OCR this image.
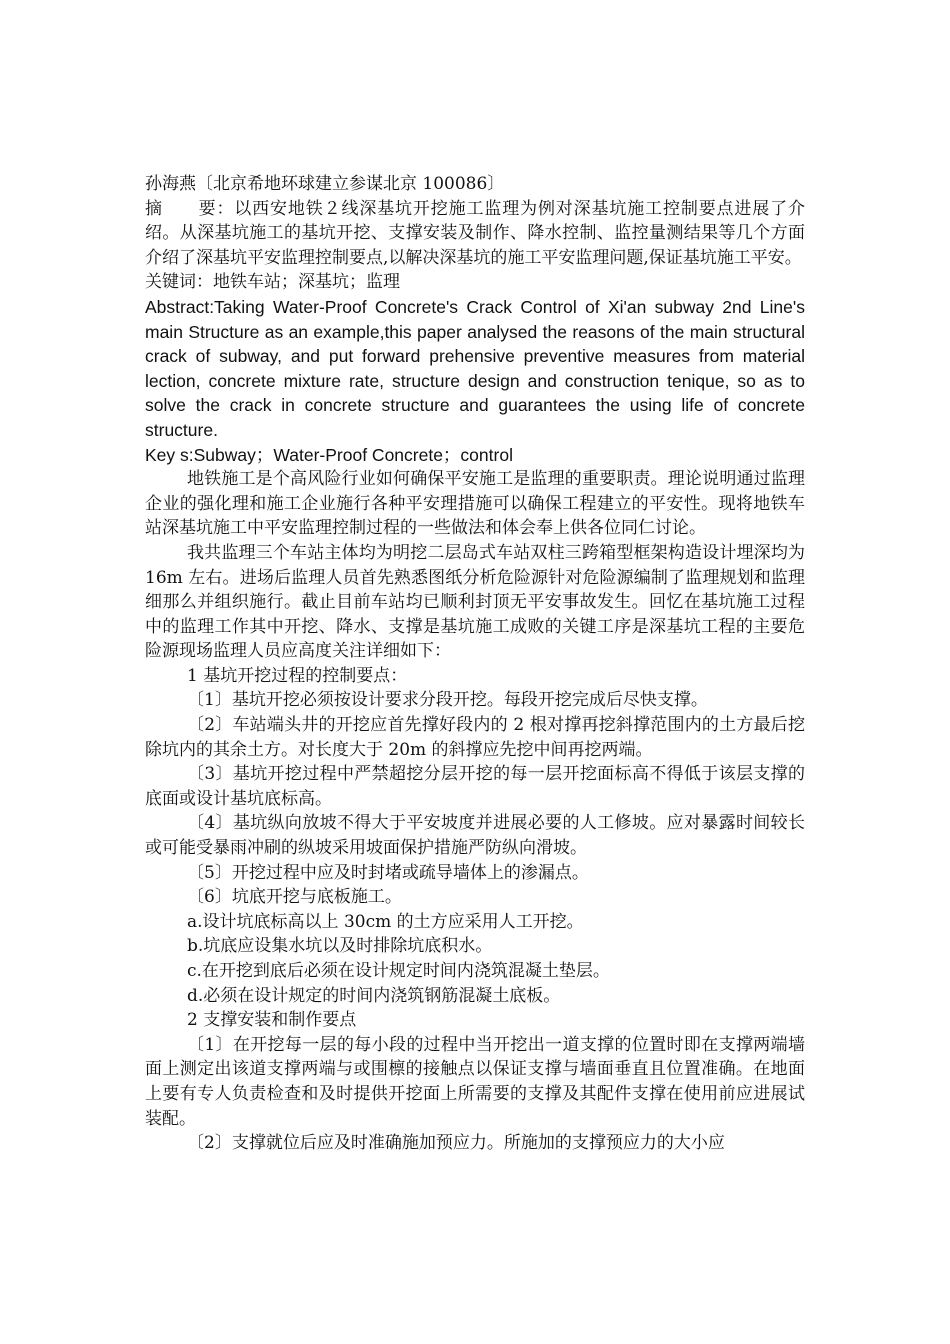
孙海燕〔北京希地环球建立参谋北京 100086〕

摘　　要：以西安地铁２线深基坑开挖施工监理为例对深基坑施工控制要点进展了介绍。从深基坑施工的基坑开挖、支撑安装及制作、降水控制、监控量测结果等几个方面介绍了深基坑平安监理控制要点,以解决深基坑的施工平安监理问题,保证基坑施工平安。

关键词：地铁车站；深基坑；监理

Abstract:Taking Water-Proof Concrete's Crack Control of Xi'an subway 2nd Line's main Structure as an example,this paper analysed the reasons of the main structural crack of subway, and put forward prehensive preventive measures from material lection, concrete mixture rate, structure design and construction tenique, so as to solve the crack in concrete structure and guarantees the using life of concrete structure.

Key s:Subway；Water-Proof Concrete；control

地铁施工是个高风险行业如何确保平安施工是监理的重要职责。理论说明通过监理企业的强化理和施工企业施行各种平安理措施可以确保工程建立的平安性。现将地铁车站深基坑施工中平安监理控制过程的一些做法和体会奉上供各位同仁讨论。

我共监理三个车站主体均为明挖二层岛式车站双柱三跨箱型框架构造设计埋深均为 16m 左右。进场后监理人员首先熟悉图纸分析危险源针对危险源编制了监理规划和监理细那么并组织施行。截止目前车站均已顺利封顶无平安事故发生。回忆在基坑施工过程中的监理工作其中开挖、降水、支撑是基坑施工成败的关键工序是深基坑工程的主要危险源现场监理人员应高度关注详细如下：

1 基坑开挖过程的控制要点：

〔1〕基坑开挖必须按设计要求分段开挖。每段开挖完成后尽快支撑。

〔2〕车站端头井的开挖应首先撑好段内的 2 根对撑再挖斜撑范围内的土方最后挖除坑内的其余土方。对长度大于 20m 的斜撑应先挖中间再挖两端。

〔3〕基坑开挖过程中严禁超挖分层开挖的每一层开挖面标高不得低于该层支撑的底面或设计基坑底标高。

〔4〕基坑纵向放坡不得大于平安坡度并进展必要的人工修坡。应对暴露时间较长或可能受暴雨冲刷的纵坡采用坡面保护措施严防纵向滑坡。

〔5〕开挖过程中应及时封堵或疏导墙体上的渗漏点。

〔6〕坑底开挖与底板施工。

a.设计坑底标高以上 30cm 的土方应采用人工开挖。

b.坑底应设集水坑以及时排除坑底积水。

c.在开挖到底后必须在设计规定时间内浇筑混凝土垫层。

d.必须在设计规定的时间内浇筑钢筋混凝土底板。

2 支撑安装和制作要点

〔1〕在开挖每一层的每小段的过程中当开挖出一道支撑的位置时即在支撑两端墙面上测定出该道支撑两端与或围檩的接触点以保证支撑与墙面垂直且位置准确。在地面上要有专人负责检查和及时提供开挖面上所需要的支撑及其配件支撑在使用前应进展试装配。

〔2〕支撑就位后应及时准确施加预应力。所施加的支撑预应力的大小应
